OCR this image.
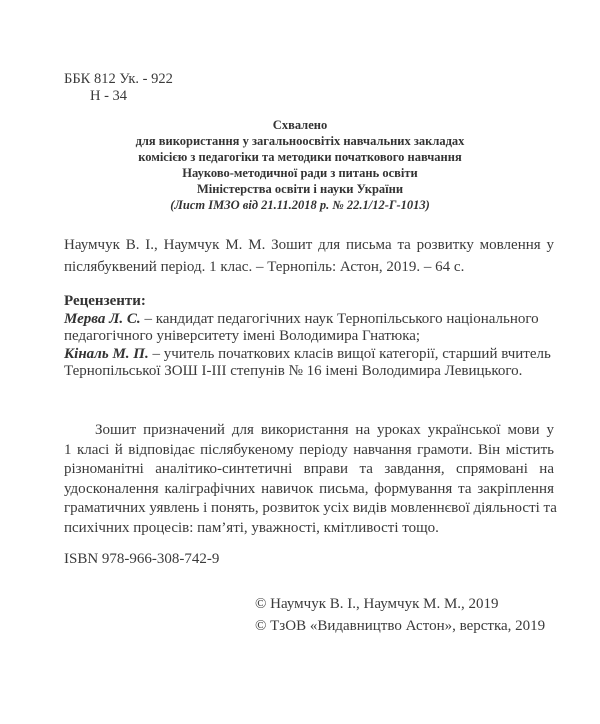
ББК 812 Ук. - 922
Н - 34
Схвалено
для використання у загальноосвітіх навчальних закладах
комісією з педагогіки та методики початкового навчання
Науково-методичної ради з питань освіти
Міністерства освіти і науки України
(Лист ІМЗО від 21.11.2018 р. № 22.1/12-Г-1013)
Наумчук В. І., Наумчук М. М. Зошит для письма та розвитку мовлення у
післябуквений період. 1 клас. – Тернопіль: Астон, 2019. – 64 с.
Рецензенти:
Мерва Л. С. – кандидат педагогічних наук Тернопільського національного
педагогічного університету імені Володимира Гнатюка;
Кіналь М. П. – учитель початкових класів вищої категорії, старший вчитель
Тернопільської ЗОШ І-ІІІ степунів № 16 імені Володимира Левицького.
Зошит призначений для використання на уроках української мови у
1 класі й відповідає післябукеному періоду навчання грамоти. Він містить
різноманітні аналітико-синтетичні вправи та завдання, спрямовані на
удосконалення каліграфічних навичок письма, формування та закріплення
граматичних уявлень і понять, розвиток усіх видів мовленнєвої діяльності та
психічних процесів: пам’яті, уважності, кмітливості тощо.
ISBN 978-966-308-742-9
© Наумчук В. І., Наумчук М. М., 2019
© ТзОВ «Видавництво Астон», верстка, 2019
